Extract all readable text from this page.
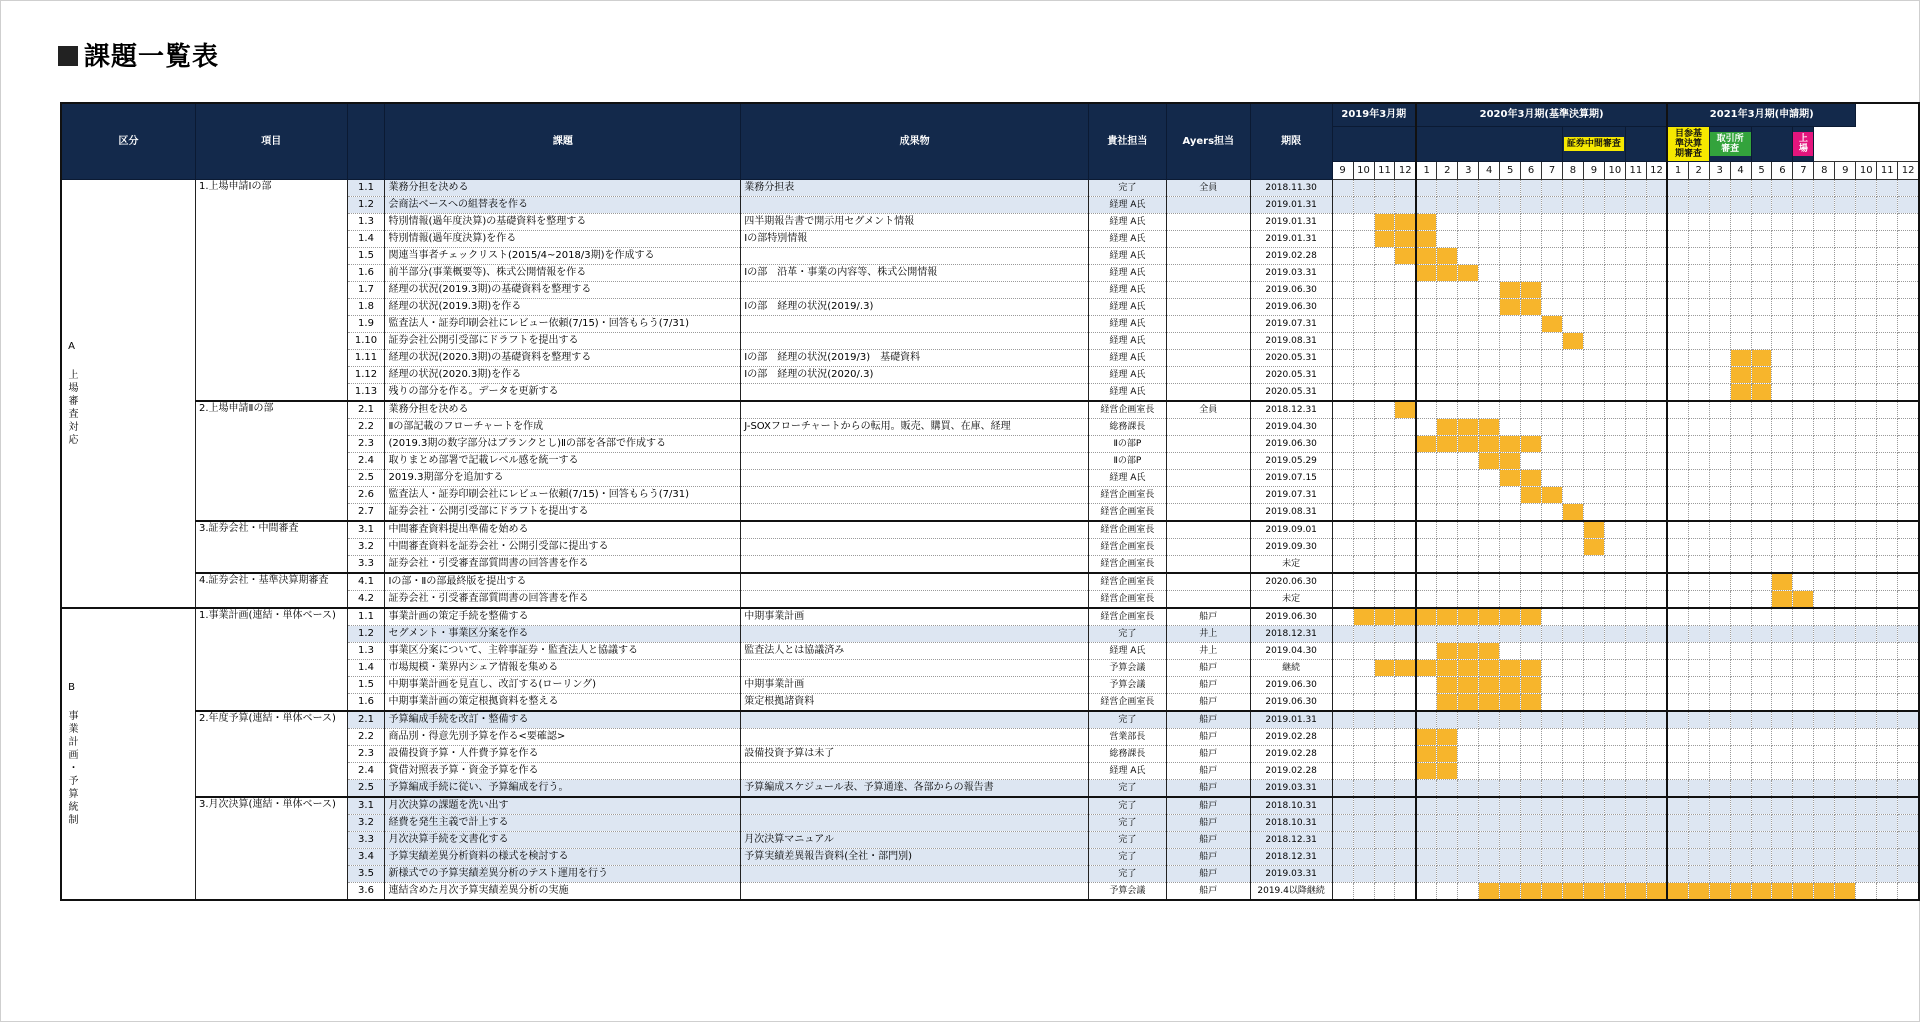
課題一覧表
区分	項目		課題	成果物	貴社担当	Ayers担当	期限	2019年3月期				2020年3月期(基準決算期)												2021年3月期(申請期)											
																			証券中間審査					目参基準決算期審査		取引所審査				上場					
								9	10	11	12	1	2	3	4	5	6	7	8	9	10	11	12	1	2	3	4	5	6	7	8	9	10	11	12

A 上場審査対応	1.上場申請Ⅰの部	1.1	業務分担を決める	業務分担表	完了	全員	2018.11.30																												
		1.2	会商法ベースへの組替表を作る		経理 A氏		2019.01.31																												
		1.3	特別情報(過年度決算)の基礎資料を整理する	四半期報告書で開示用セグメント情報	経理 A氏		2019.01.31																												
		1.4	特別情報(過年度決算)を作る	Ⅰの部特別情報	経理 A氏		2019.01.31																												
		1.5	関連当事者チェックリスト(2015/4~2018/3期)を作成する		経理 A氏		2019.02.28																												
		1.6	前半部分(事業概要等)、株式公開情報を作る	Ⅰの部　沿革・事業の内容等、株式公開情報	経理 A氏		2019.03.31																												
		1.7	経理の状況(2019.3期)の基礎資料を整理する		経理 A氏		2019.06.30																												
		1.8	経理の状況(2019.3期)を作る	Ⅰの部　経理の状況(2019/.3)	経理 A氏		2019.06.30																												
		1.9	監査法人・証券印刷会社にレビュー依頼(7/15)・回答もらう(7/31)		経理 A氏		2019.07.31																												
		1.10	証券会社公開引受部にドラフトを提出する		経理 A氏		2019.08.31																												
		1.11	経理の状況(2020.3期)の基礎資料を整理する	Ⅰの部　経理の状況(2019/3)　基礎資料	経理 A氏		2020.05.31																												
		1.12	経理の状況(2020.3期)を作る	Ⅰの部　経理の状況(2020/.3)	経理 A氏		2020.05.31																												
		1.13	残りの部分を作る。データを更新する		経理 A氏		2020.05.31																												
	2.上場申請Ⅱの部	2.1	業務分担を決める		経営企画室長	全員	2018.12.31																												
		2.2	Ⅱの部記載のフローチャートを作成	J-SOXフローチャートからの転用。販売、購買、在庫、経理	総務課長		2019.04.30																												
		2.3	(2019.3期の数字部分はブランクとし)Ⅱの部を各部で作成する		Ⅱの部P		2019.06.30																												
		2.4	取りまとめ部署で記載レベル感を統一する		Ⅱの部P		2019.05.29																												
		2.5	2019.3期部分を追加する		経理 A氏		2019.07.15																												
		2.6	監査法人・証券印刷会社にレビュー依頼(7/15)・回答もらう(7/31)		経営企画室長		2019.07.31																												
		2.7	証券会社・公開引受部にドラフトを提出する		経営企画室長		2019.08.31																												
	3.証券会社・中間審査	3.1	中間審査資料提出準備を始める		経営企画室長		2019.09.01																												
		3.2	中間審査資料を証券会社・公開引受部に提出する		経営企画室長		2019.09.30																												
		3.3	証券会社・引受審査部質問書の回答書を作る		経営企画室長		未定																												
	4.証券会社・基準決算期審査	4.1	Ⅰの部・Ⅱの部最終版を提出する		経営企画室長		2020.06.30																												
		4.2	証券会社・引受審査部質問書の回答書を作る		経営企画室長		未定																												

B 事業計画・予算統制	1.事業計画(連結・単体ベース)	1.1	事業計画の策定手続を整備する	中期事業計画	経営企画室長	船戸	2019.06.30																												
		1.2	セグメント・事業区分案を作る		完了	井上	2018.12.31																												
		1.3	事業区分案について、主幹事証券・監査法人と協議する	監査法人とは協議済み	経理 A氏	井上	2019.04.30																												
		1.4	市場規模・業界内シェア情報を集める		予算会議	船戸	継続																												
		1.5	中期事業計画を見直し、改訂する(ローリング)	中期事業計画	予算会議	船戸	2019.06.30																												
		1.6	中期事業計画の策定根拠資料を整える	策定根拠諸資料	経営企画室長	船戸	2019.06.30																												
	2.年度予算(連結・単体ベース)	2.1	予算編成手続を改訂・整備する		完了	船戸	2019.01.31																												
		2.2	商品別・得意先別予算を作る<要確認>		営業部長	船戸	2019.02.28																												
		2.3	設備投資予算・人件費予算を作る	設備投資予算は未了	総務課長	船戸	2019.02.28																												
		2.4	貸借対照表予算・資金予算を作る		経理 A氏	船戸	2019.02.28																												
		2.5	予算編成手続に従い、予算編成を行う。	予算編成スケジュール表、予算通達、各部からの報告書	完了	船戸	2019.03.31																												
	3.月次決算(連結・単体ベース)	3.1	月次決算の課題を洗い出す		完了	船戸	2018.10.31																												
		3.2	経費を発生主義で計上する		完了	船戸	2018.10.31																												
		3.3	月次決算手続を文書化する	月次決算マニュアル	完了	船戸	2018.12.31																												
		3.4	予算実績差異分析資料の様式を検討する	予算実績差異報告資料(全社・部門別)	完了	船戸	2018.12.31																												
		3.5	新様式での予算実績差異分析のテスト運用を行う		完了	船戸	2019.03.31																												
		3.6	連結含めた月次予算実績差異分析の実施		予算会議	船戸	2019.4以降継続																												
